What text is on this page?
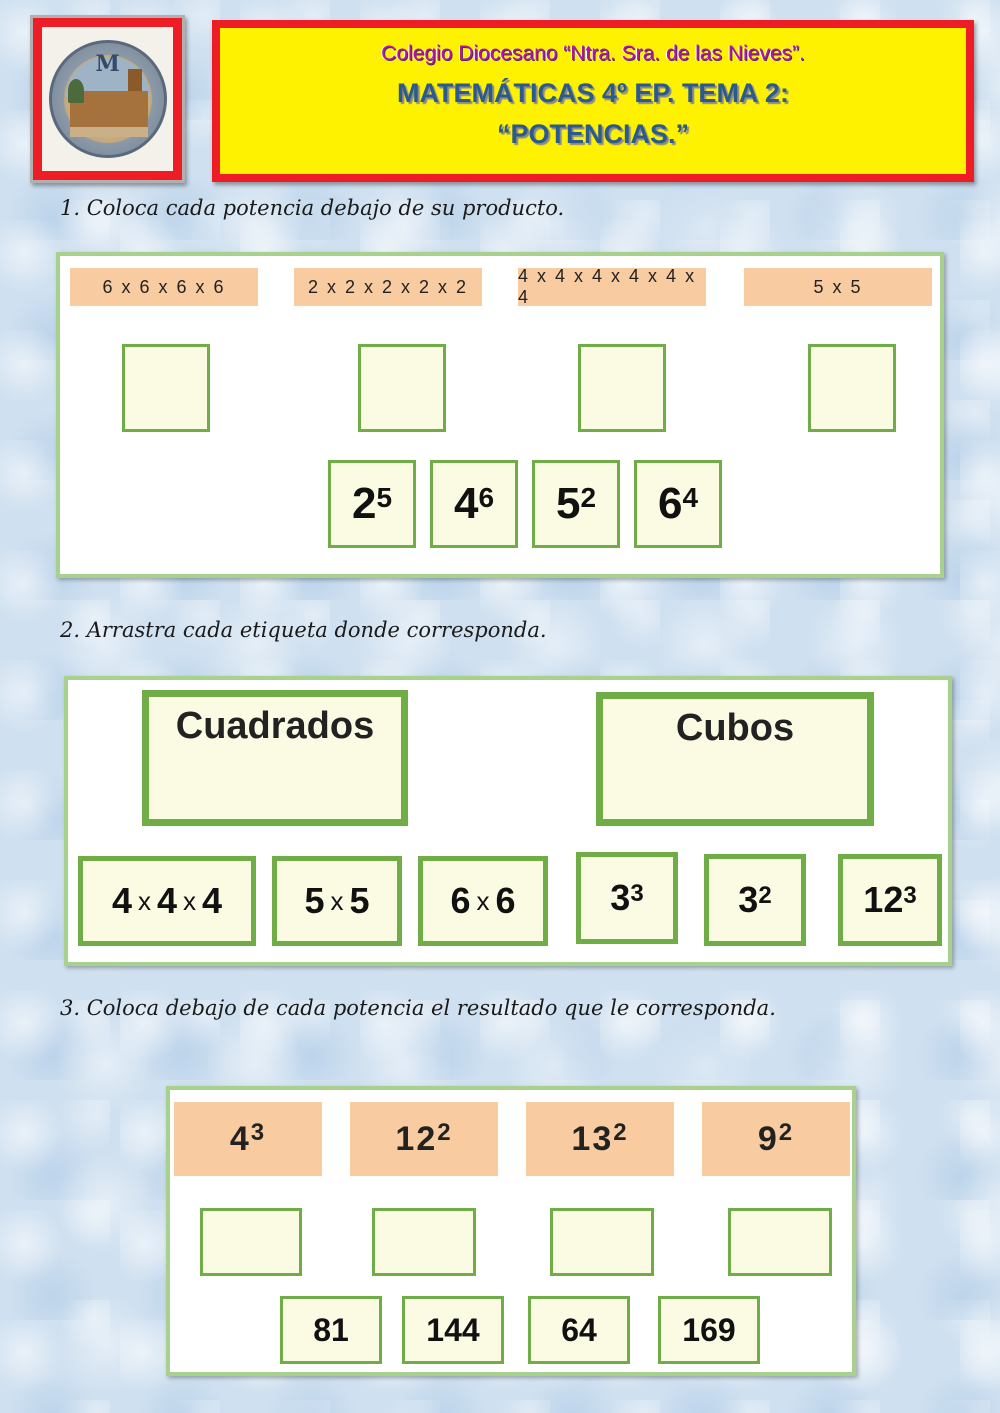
M	Colegio Diocesano “Ntra. Sra. de las Nieves”.
MATEMÁTICAS 4º EP. TEMA 2:
“POTENCIAS.”
1. Coloca cada potencia debajo de su producto.
6 x 6 x 6 x 6	2 x 2 x 2 x 2 x 2
4 x 4 x 4 x 4 x 4 x 4
5 x 5
$2^5$ $4^6$ $5^2$ $6^4$
2. Arrastra cada etiqueta donde corresponda.
Cuadrados	Cubos
4 x 4 x 4 5 x 5 6 x 6	$3^3$	$3^2$	$12^3$
3. Coloca debajo de cada potencia el resultado que le corresponda.
$4^3$	$12^2$	$13^2$	$9^2$
81	144	64	169
